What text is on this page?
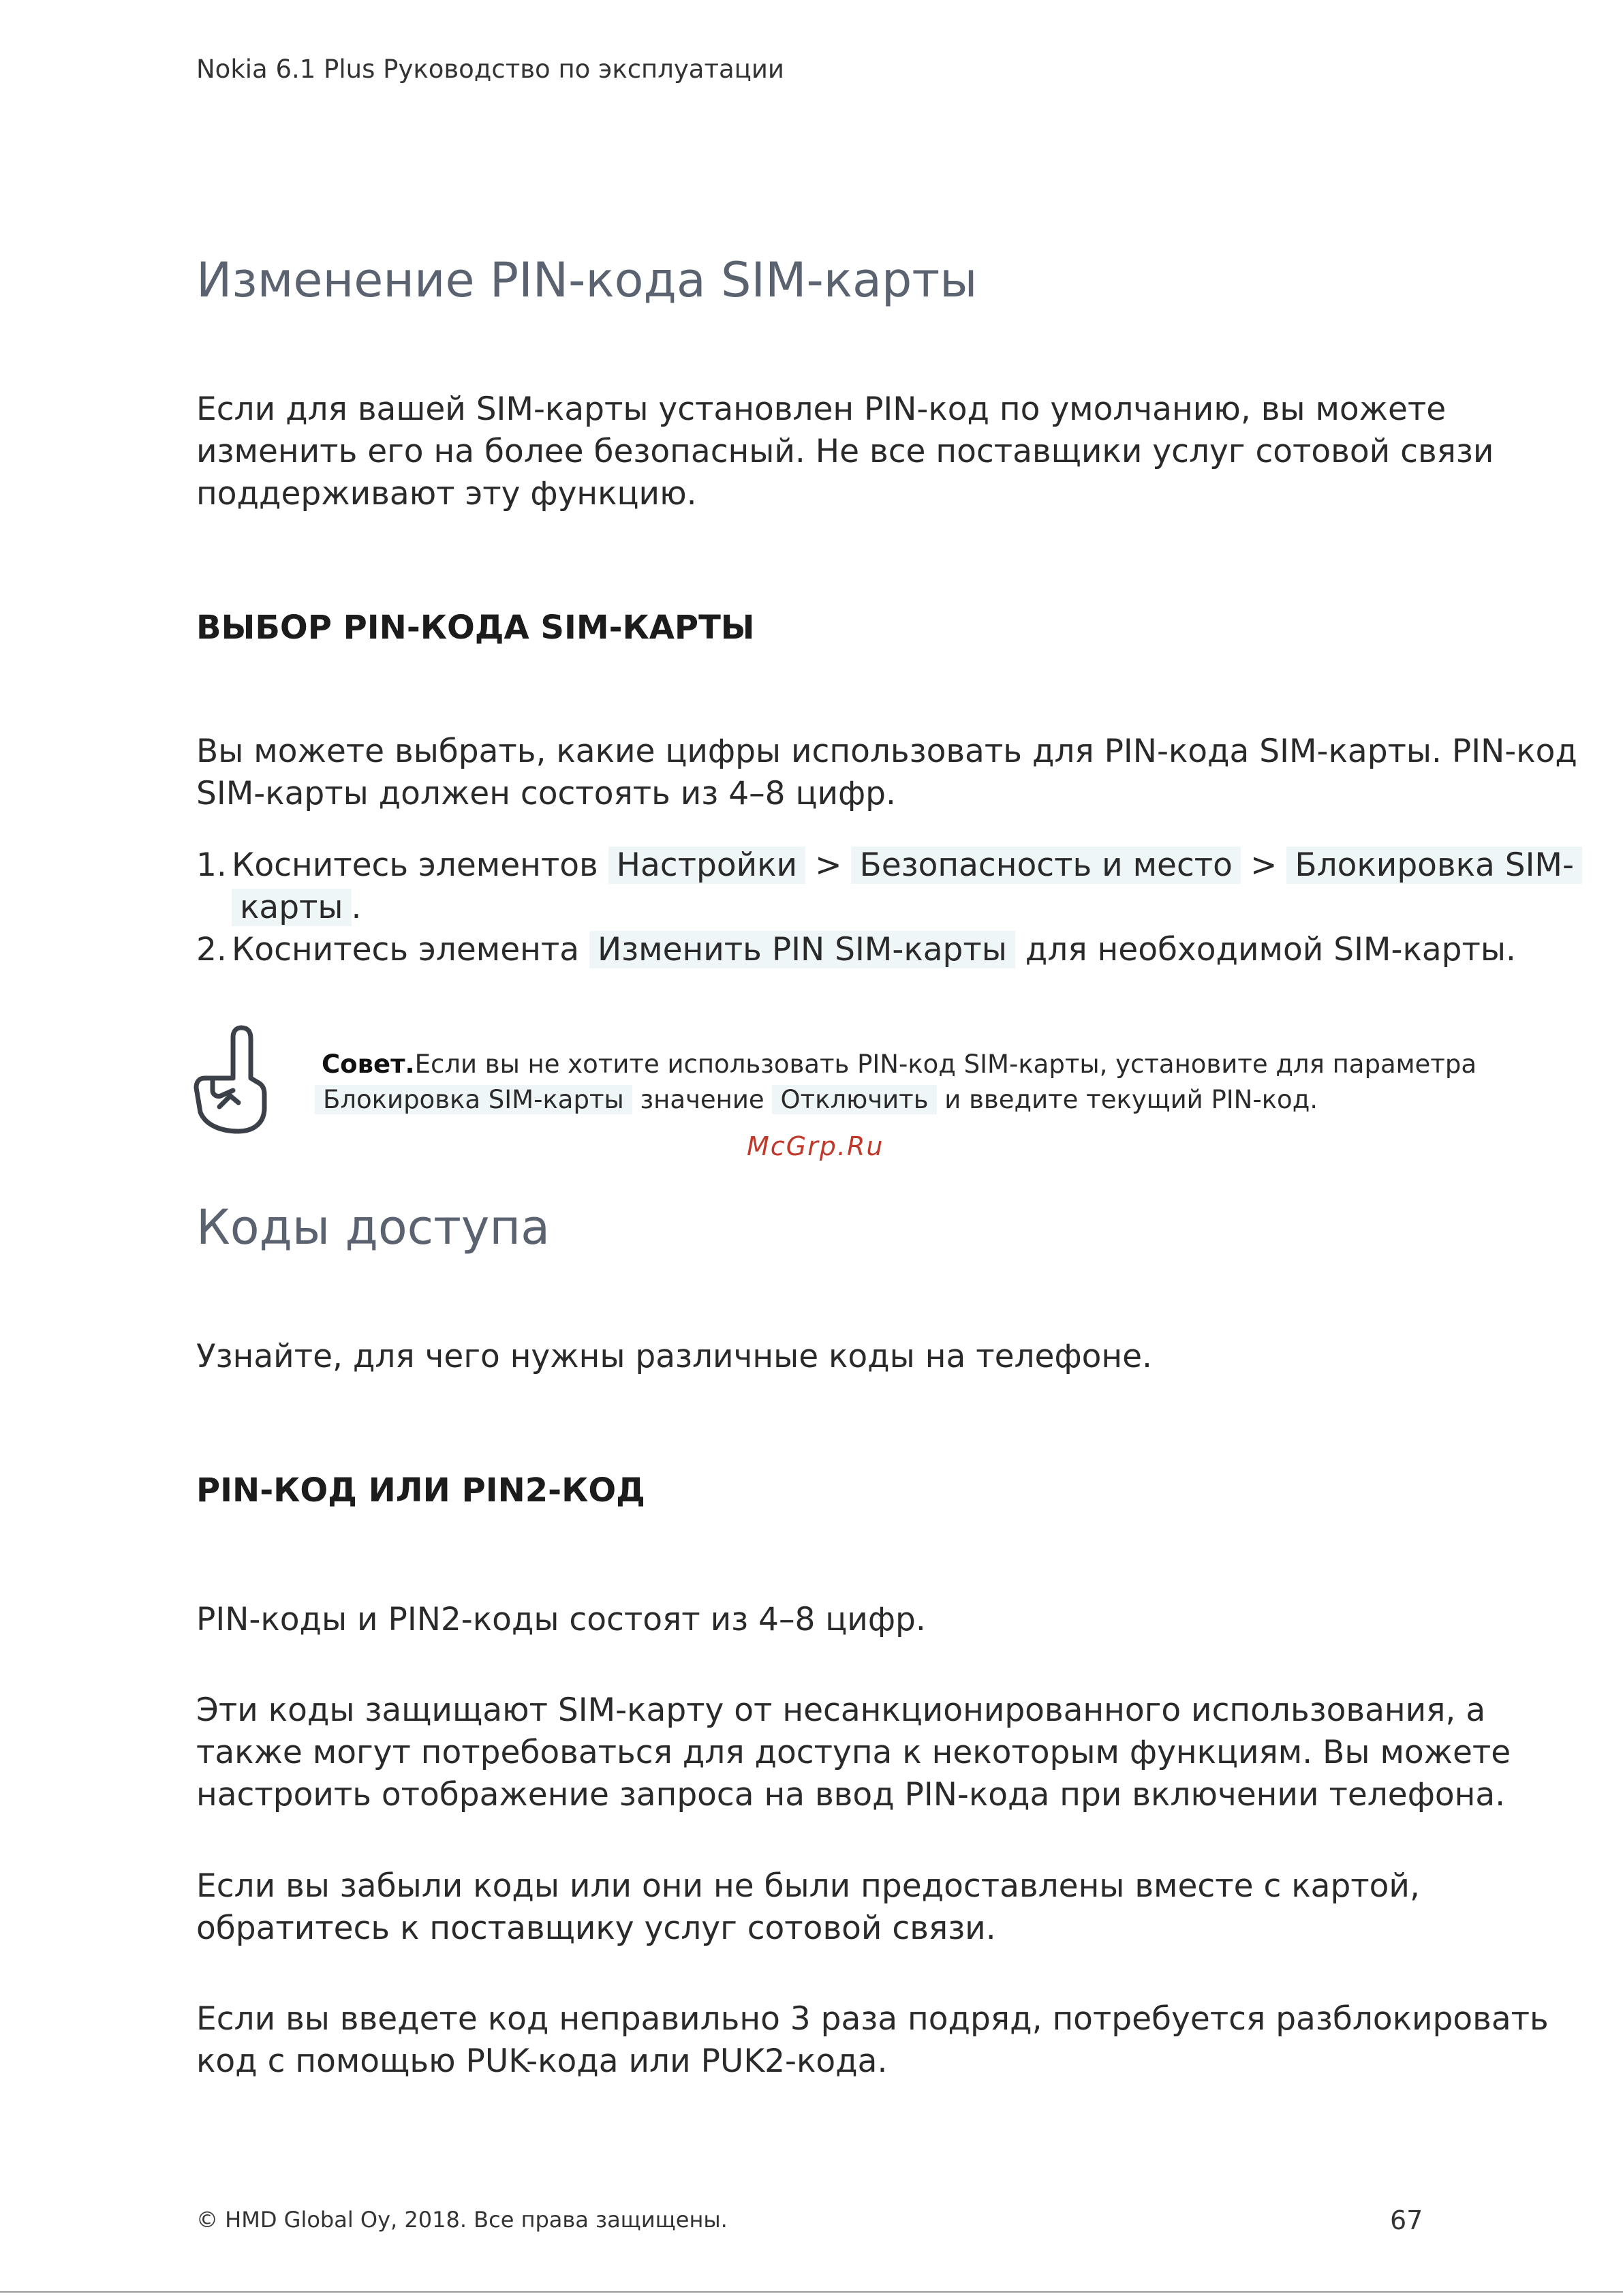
Nokia 6.1 Plus Руководство по эксплуатации
Изменение PIN-кода SIM-карты
Если для вашей SIM-карты установлен PIN-код по умолчанию, вы можете
изменить его на более безопасный. Не все поставщики услуг сотовой связи
поддерживают эту функцию.
ВЫБОР PIN-КОДА SIM-КАРТЫ
Вы можете выбрать, какие цифры использовать для PIN-кода SIM-карты. PIN-код
SIM-карты должен состоять из 4–8 цифр.
1. Коснитесь элементов Настройки > Безопасность и место > Блокировка SIM-
карты .
2. Коснитесь элемента Изменить PIN SIM-карты для необходимой SIM-карты.
Совет.Если вы не хотите использовать PIN-код SIM-карты, установите для параметра
Блокировка SIM-карты значение Отключить и введите текущий PIN-код.
McGrp.Ru
Коды доступа
Узнайте, для чего нужны различные коды на телефоне.
PIN-КОД ИЛИ PIN2-КОД
PIN-коды и PIN2-коды состоят из 4–8 цифр.
Эти коды защищают SIM-карту от несанкционированного использования, а
также могут потребоваться для доступа к некоторым функциям. Вы можете
настроить отображение запроса на ввод PIN-кода при включении телефона.
Если вы забыли коды или они не были предоставлены вместе с картой,
обратитесь к поставщику услуг сотовой связи.
Если вы введете код неправильно 3 раза подряд, потребуется разблокировать
код с помощью PUK-кода или PUK2-кода.
© HMD Global Oy, 2018. Все права защищены.	67
